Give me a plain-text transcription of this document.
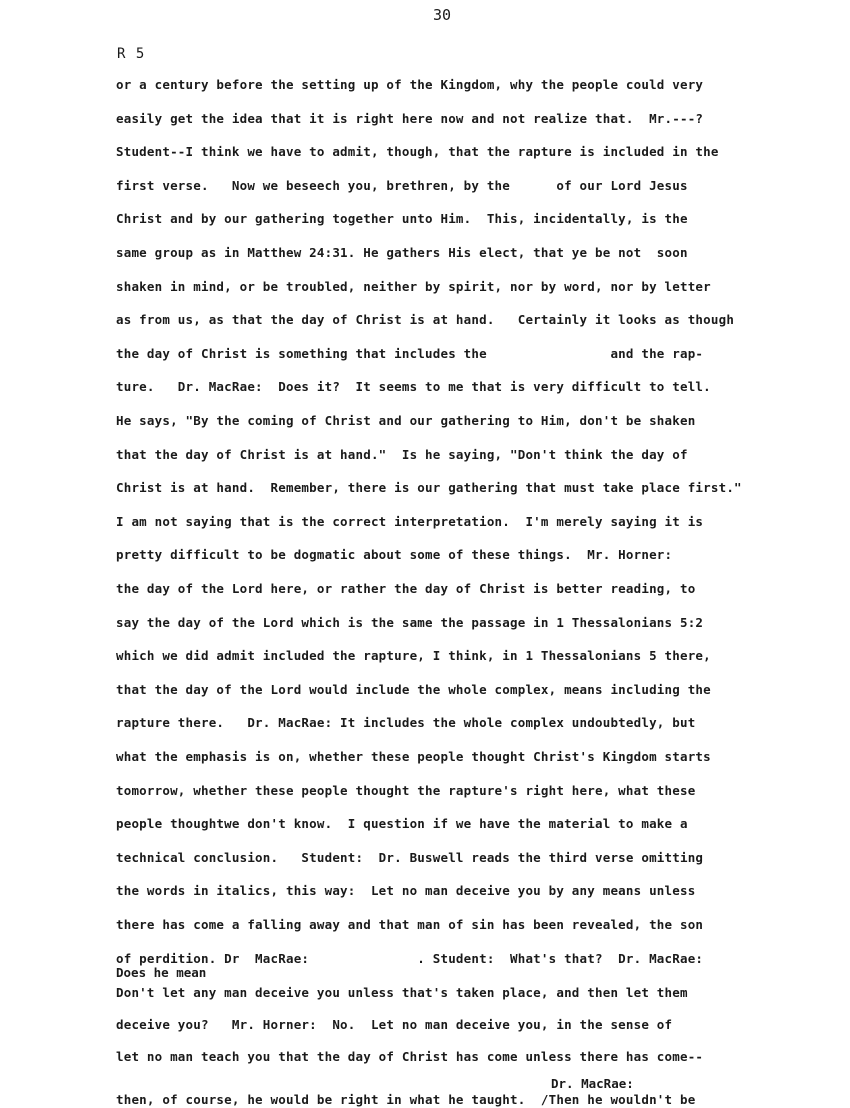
30
R 5
or a century before the setting up of the Kingdom, why the people could very
easily get the idea that it is right here now and not realize that.  Mr.---?
Student--I think we have to admit, though, that the rapture is included in the
first verse.   Now we beseech you, brethren, by the      of our Lord Jesus
Christ and by our gathering together unto Him.  This, incidentally, is the
same group as in Matthew 24:31. He gathers His elect, that ye be not  soon
shaken in mind, or be troubled, neither by spirit, nor by word, nor by letter
as from us, as that the day of Christ is at hand.   Certainly it looks as though
the day of Christ is something that includes the                and the rap-
ture.   Dr. MacRae:  Does it?  It seems to me that is very difficult to tell.
He says, "By the coming of Christ and our gathering to Him, don't be shaken
that the day of Christ is at hand."  Is he saying, "Don't think the day of
Christ is at hand.  Remember, there is our gathering that must take place first."
I am not saying that is the correct interpretation.  I'm merely saying it is
pretty difficult to be dogmatic about some of these things.  Mr. Horner:
the day of the Lord here, or rather the day of Christ is better reading, to
say the day of the Lord which is the same the passage in 1 Thessalonians 5:2
which we did admit included the rapture, I think, in 1 Thessalonians 5 there,
that the day of the Lord would include the whole complex, means including the
rapture there.   Dr. MacRae: It includes the whole complex undoubtedly, but
what the emphasis is on, whether these people thought Christ's Kingdom starts
tomorrow, whether these people thought the rapture's right here, what these
people thoughtwe don't know.  I question if we have the material to make a
technical conclusion.   Student:  Dr. Buswell reads the third verse omitting
the words in italics, this way:  Let no man deceive you by any means unless
there has come a falling away and that man of sin has been revealed, the son
of perdition. Dr  MacRae:              . Student:  What's that?  Dr. MacRae:
Don't let any man deceive you unless that's taken place, and then let them
deceive you?   Mr. Horner:  No.  Let no man deceive you, in the sense of
let no man teach you that the day of Christ has come unless there has come--
Does he mean
Dr. MacRae:
then, of course, he would be right in what he taught.  /Then he wouldn't be
